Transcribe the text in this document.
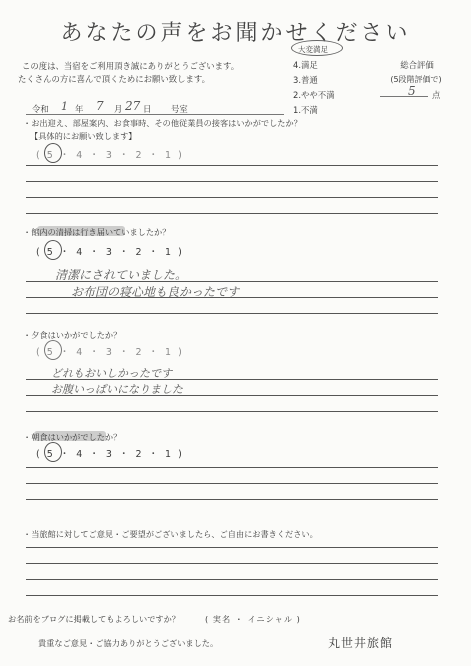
あなたの声をお聞かせください
この度は、当宿をご利用頂き誠にありがとうございます。
たくさんの方に喜んで頂くためにお願い致します。
大変満足
4.満足
3.普通
2.やや不満
1.不満
総合評価
(5段階評価で)
5 点
令和 1 年 7 月 27 日 号室
・お出迎え、部屋案内、お食事時、その他従業員の接客はいかがでしたか？
【具体的にお願い致します】
( 5 ・ 4 ・ 3 ・ 2 ・ 1 )
・館内の清掃は行き届いていましたか？
( 5 ・ 4 ・ 3 ・ 2 ・ 1 )
清潔にされていました。
お布団の寝心地も良かったです
・夕食はいかがでしたか？
( 5 ・ 4 ・ 3 ・ 2 ・ 1 )
どれもおいしかったです
お腹いっぱいになりました
・朝食はいかがでしたか？
( 5 ・ 4 ・ 3 ・ 2 ・ 1 )
・当旅館に対してご意見・ご要望がございましたら、ご自由にお書きください。
お名前をブログに掲載してもよろしいですか？	( 実名 ・ イニシャル )
貴重なご意見・ご協力ありがとうございました。	丸世井旅館
